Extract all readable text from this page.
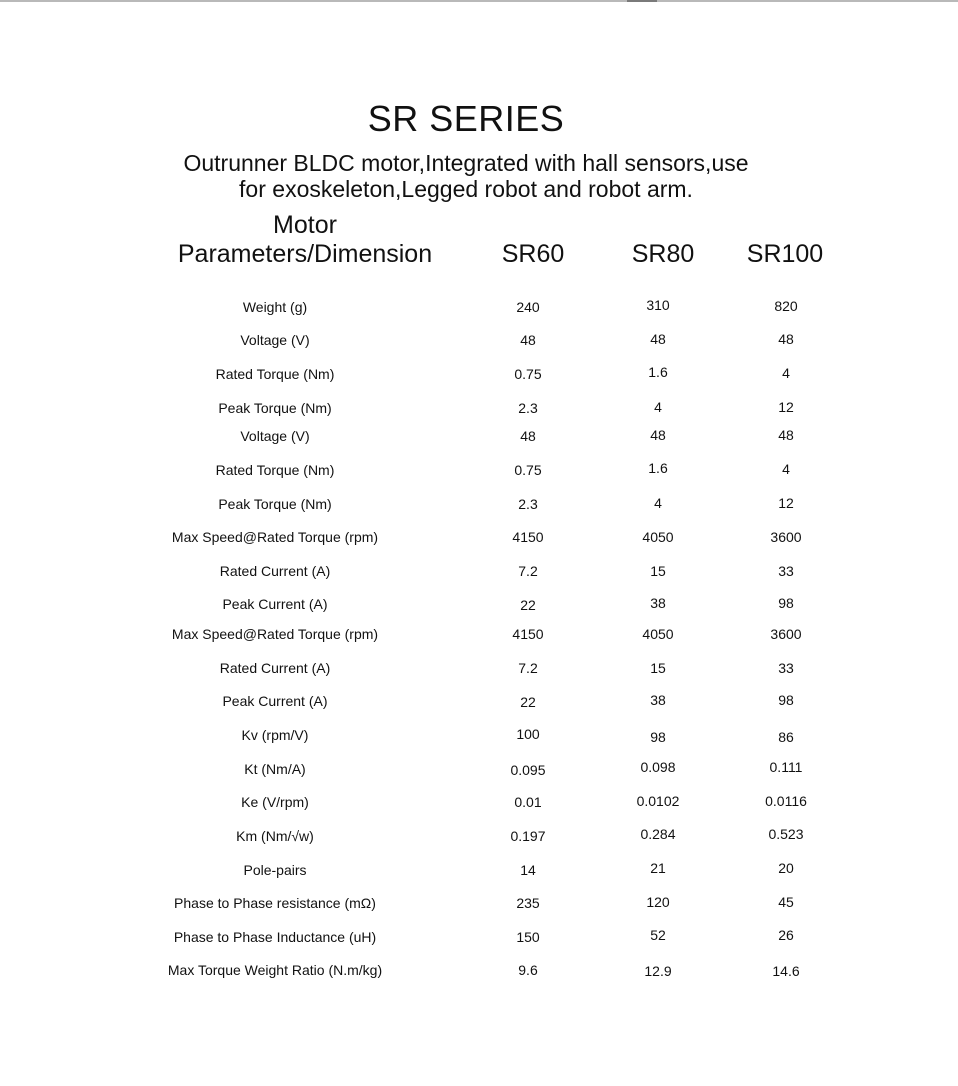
SR SERIES
Outrunner BLDC motor,Integrated with hall sensors,use
for exoskeleton,Legged robot and robot arm.
Motor
Parameters/Dimension	SR60	SR80	SR100
Weight (g)	240	310	820
Voltage (V)	48	48	48
Rated Torque (Nm)	0.75	1.6	4
Peak Torque (Nm)	2.3	4	12
Voltage (V)	48	48	48
Rated Torque (Nm)	0.75	1.6	4
Peak Torque (Nm)	2.3	4	12
Max Speed@Rated Torque (rpm)	4150	4050	3600
Rated Current (A)	7.2	15	33
Peak Current (A)	22	38	98
Max Speed@Rated Torque (rpm)	4150	4050	3600
Rated Current (A)	7.2	15	33
Peak Current (A)	22	38	98
Kv (rpm/V)	100	98	86
Kt (Nm/A)	0.095	0.098	0.111
Ke (V/rpm)	0.01	0.0102	0.0116
Km (Nm/√w)	0.197	0.284	0.523
Pole-pairs	14	21	20
Phase to Phase resistance (mΩ)	235	120	45
Phase to Phase Inductance (uH)	150	52	26
Max Torque Weight Ratio (N.m/kg)	9.6	12.9	14.6
